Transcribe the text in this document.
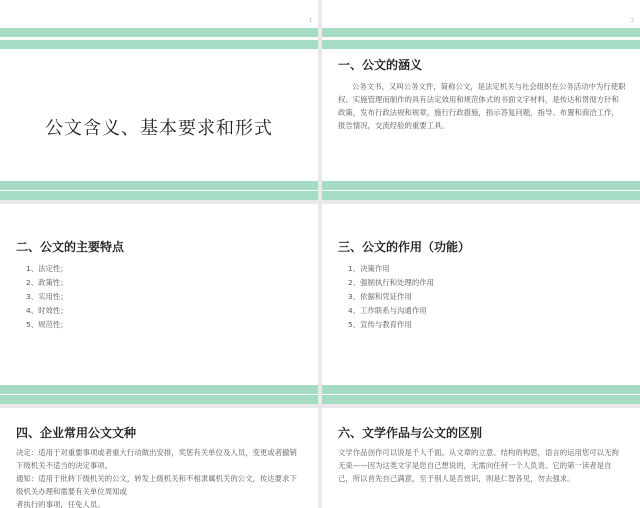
1
公文含义、基本要求和形式
2
一、公文的涵义
公务文书，又叫公务文件，简称公文，是法定机关与社会组织在公务活动中为行使职权、实施管理而制作的具有法定效用和规范体式的书面文字材料，是传达和贯彻方针和政策，发布行政法规和规章，施行行政措施，指示答复问题，指导、布置和商洽工作，报告情况，交流经验的重要工具。
二、公文的主要特点
1、法定性；
2、政策性；
3、实用性；
4、时效性；
5、规范性；
三、公文的作用（功能）
1、决策作用
2、强制执行和处理的作用
3、依据和凭证作用
4、工作联系与沟通作用
5、宣传与教育作用
四、企业常用公文文种
决定：适用于对重要事项或者重大行动做出安排，奖惩有关单位及人员，变更或者撤销下级机关不适当的决定事项。
通知：适用于批转下级机关的公文，转发上级机关和不相隶属机关的公文，传达要求下级机关办理和需要有关单位周知或
者执行的事项，任免人员。
六、文学作品与公文的区别
文学作品创作可以说是千人千面。从文章的立意、结构的构思，语言的运用您可以无拘无束——因为这类文字是您自己想说的，无需向任何一个人负责。它的第一读者是自己，所以首先自己满意，至于别人是否赏识，则是仁智各见，勿去强求。
